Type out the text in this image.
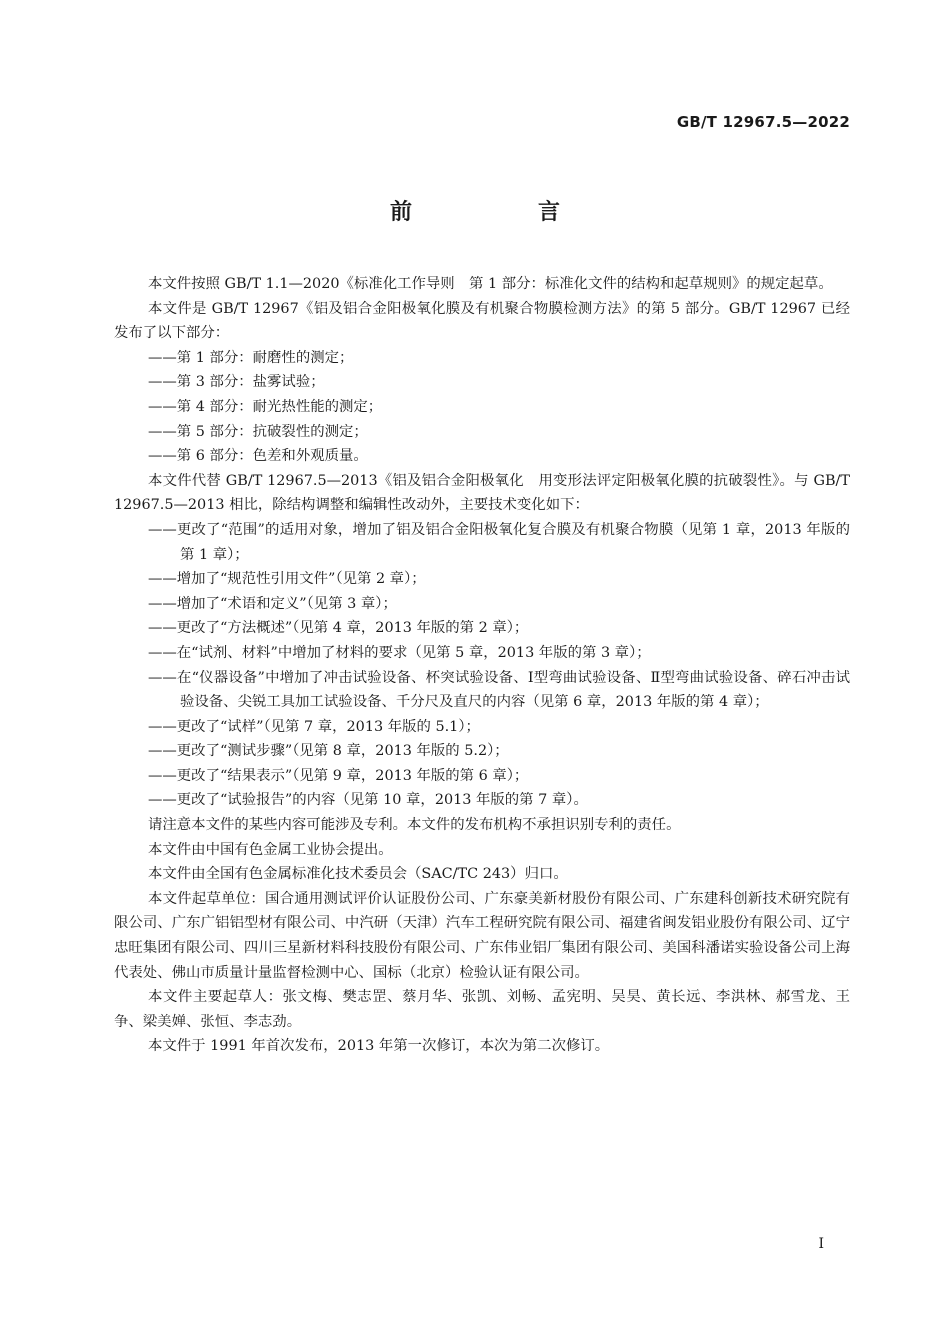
GB/T 12967.5—2022
前　言
本文件按照 GB/T 1.1—2020《标准化工作导则　第 1 部分：标准化文件的结构和起草规则》的规定起草。
本文件是 GB/T 12967《铝及铝合金阳极氧化膜及有机聚合物膜检测方法》的第 5 部分。GB/T 12967 已经发布了以下部分：
——第 1 部分：耐磨性的测定；
——第 3 部分：盐雾试验；
——第 4 部分：耐光热性能的测定；
——第 5 部分：抗破裂性的测定；
——第 6 部分：色差和外观质量。
本文件代替 GB/T 12967.5—2013《铝及铝合金阳极氧化　用变形法评定阳极氧化膜的抗破裂性》。与 GB/T 12967.5—2013 相比，除结构调整和编辑性改动外，主要技术变化如下：
——更改了“范围”的适用对象，增加了铝及铝合金阳极氧化复合膜及有机聚合物膜（见第 1 章，2013 年版的第 1 章）；
——增加了“规范性引用文件”（见第 2 章）；
——增加了“术语和定义”（见第 3 章）；
——更改了“方法概述”（见第 4 章，2013 年版的第 2 章）；
——在“试剂、材料”中增加了材料的要求（见第 5 章，2013 年版的第 3 章）；
——在“仪器设备”中增加了冲击试验设备、杯突试验设备、Ⅰ型弯曲试验设备、Ⅱ型弯曲试验设备、碎石冲击试验设备、尖锐工具加工试验设备、千分尺及直尺的内容（见第 6 章，2013 年版的第 4 章）；
——更改了“试样”（见第 7 章，2013 年版的 5.1）；
——更改了“测试步骤”（见第 8 章，2013 年版的 5.2）；
——更改了“结果表示”（见第 9 章，2013 年版的第 6 章）；
——更改了“试验报告”的内容（见第 10 章，2013 年版的第 7 章）。
请注意本文件的某些内容可能涉及专利。本文件的发布机构不承担识别专利的责任。
本文件由中国有色金属工业协会提出。
本文件由全国有色金属标准化技术委员会（SAC/TC 243）归口。
本文件起草单位：国合通用测试评价认证股份公司、广东豪美新材股份有限公司、广东建科创新技术研究院有限公司、广东广铝铝型材有限公司、中汽研（天津）汽车工程研究院有限公司、福建省闽发铝业股份有限公司、辽宁忠旺集团有限公司、四川三星新材料科技股份有限公司、广东伟业铝厂集团有限公司、美国科潘诺实验设备公司上海代表处、佛山市质量计量监督检测中心、国标（北京）检验认证有限公司。
本文件主要起草人：张文梅、樊志罡、蔡月华、张凯、刘畅、孟宪明、吴昊、黄长远、李洪林、郝雪龙、王争、梁美婵、张恒、李志劲。
本文件于 1991 年首次发布，2013 年第一次修订，本次为第二次修订。
I
